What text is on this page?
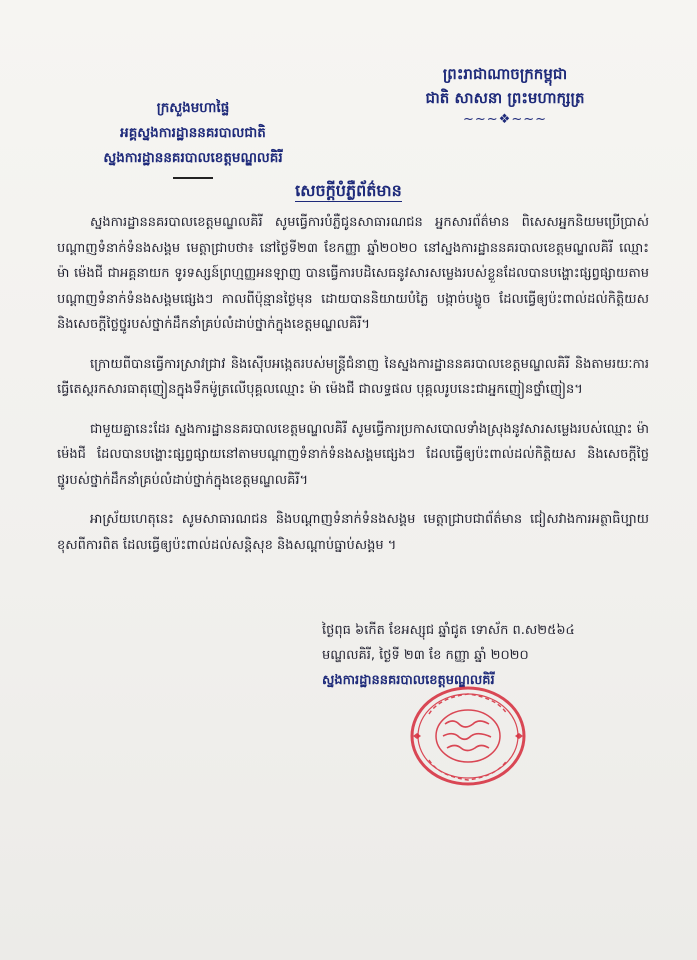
ព្រះរាជាណាចក្រកម្ពុជា
ជាតិ សាសនា ព្រះមហាក្សត្រ
~~~❖~~~
ក្រសួងមហាផ្ទៃ
អគ្គស្នងការដ្ឋាននគរបាលជាតិ
ស្នងការដ្ឋាននគរបាលខេត្តមណ្ឌលគិរី
សេចក្តីបំភ្លឺព័ត៌មាន

ស្នងការដ្ឋាននគរបាលខេត្តមណ្ឌលគិរី សូមធ្វើការបំភ្លឺជូនសាធារណជន អ្នកសារព័ត៌មាន ពិសេសអ្នកនិយមប្រើប្រាស់បណ្តាញទំនាក់ទំនងសង្គម មេត្តាជ្រាបថា៖ នៅថ្ងៃទី២៣ ខែកញ្ញា ឆ្នាំ២០២០ នៅស្នងការដ្ឋាននគរបាលខេត្តមណ្ឌលគិរី ឈ្មោះ ម៉ា ម៉េងជី ជាអគ្គនាយក ទូរទស្សន៍ព្រហ្មញ្ញអនឡាញ បានធ្វើការបដិសេធនូវសារសម្លេងរបស់ខ្លួនដែលបានបង្ហោះផ្សព្វផ្សាយតាមបណ្តាញទំនាក់ទំនងសង្គមផ្សេងៗ កាលពីប៉ុន្មានថ្ងៃមុន ដោយបាននិយាយបំភ្លៃ បង្កាច់បង្ខូច ដែលធ្វើឲ្យប៉ះពាល់ដល់កិត្តិយស និងសេចក្តីថ្លៃថ្នូរបស់ថ្នាក់ដឹកនាំគ្រប់លំដាប់ថ្នាក់ក្នុងខេត្តមណ្ឌលគិរី។

ក្រោយពីបានធ្វើការស្រាវជ្រាវ និងស៊ើបអង្កេតរបស់មន្ត្រីជំនាញ នៃស្នងការដ្ឋាននគរបាលខេត្តមណ្ឌលគិរី និងតាមរយៈការធ្វើតេស្តរកសារធាតុញៀនក្នុងទឹកម៉ូត្រលើបុគ្គលឈ្មោះ ម៉ា ម៉េងជី ជាលទ្ធផល បុគ្គលរូបនេះជាអ្នកញៀនថ្នាំញៀន។

ជាមួយគ្នានេះដែរ ស្នងការដ្ឋាននគរបាលខេត្តមណ្ឌលគិរី សូមធ្វើការប្រកាសបោលទាំងស្រុងនូវសារសម្លេងរបស់ឈ្មោះ ម៉ា ម៉េងជី ដែលបានបង្ហោះផ្សព្វផ្សាយនៅតាមបណ្តាញទំនាក់ទំនងសង្គមផ្សេងៗ ដែលធ្វើឲ្យប៉ះពាល់ដល់កិត្តិយស និងសេចក្តីថ្លៃថ្នូរបស់ថ្នាក់ដឹកនាំគ្រប់លំដាប់ថ្នាក់ក្នុងខេត្តមណ្ឌលគិរី។

អាស្រ័យហេតុនេះ សូមសាធារណជន និងបណ្តាញទំនាក់ទំនងសង្គម មេត្តាជ្រាបជាព័ត៌មាន ជៀសវាងការអត្ថាធិប្បាយខុសពីការពិត ដែលធ្វើឲ្យប៉ះពាល់ដល់សន្តិសុខ និងសណ្តាប់ធ្នាប់សង្គម ។

ថ្ងៃពុធ ៦កើត ខែអស្សុជ ឆ្នាំជូត ទោស័ក ព.ស២៥៦៤
មណ្ឌលគិរី, ថ្ងៃទី ២៣ ខែ កញ្ញា ឆ្នាំ ២០២០
ស្នងការដ្ឋាននគរបាលខេត្តមណ្ឌលគិរី
